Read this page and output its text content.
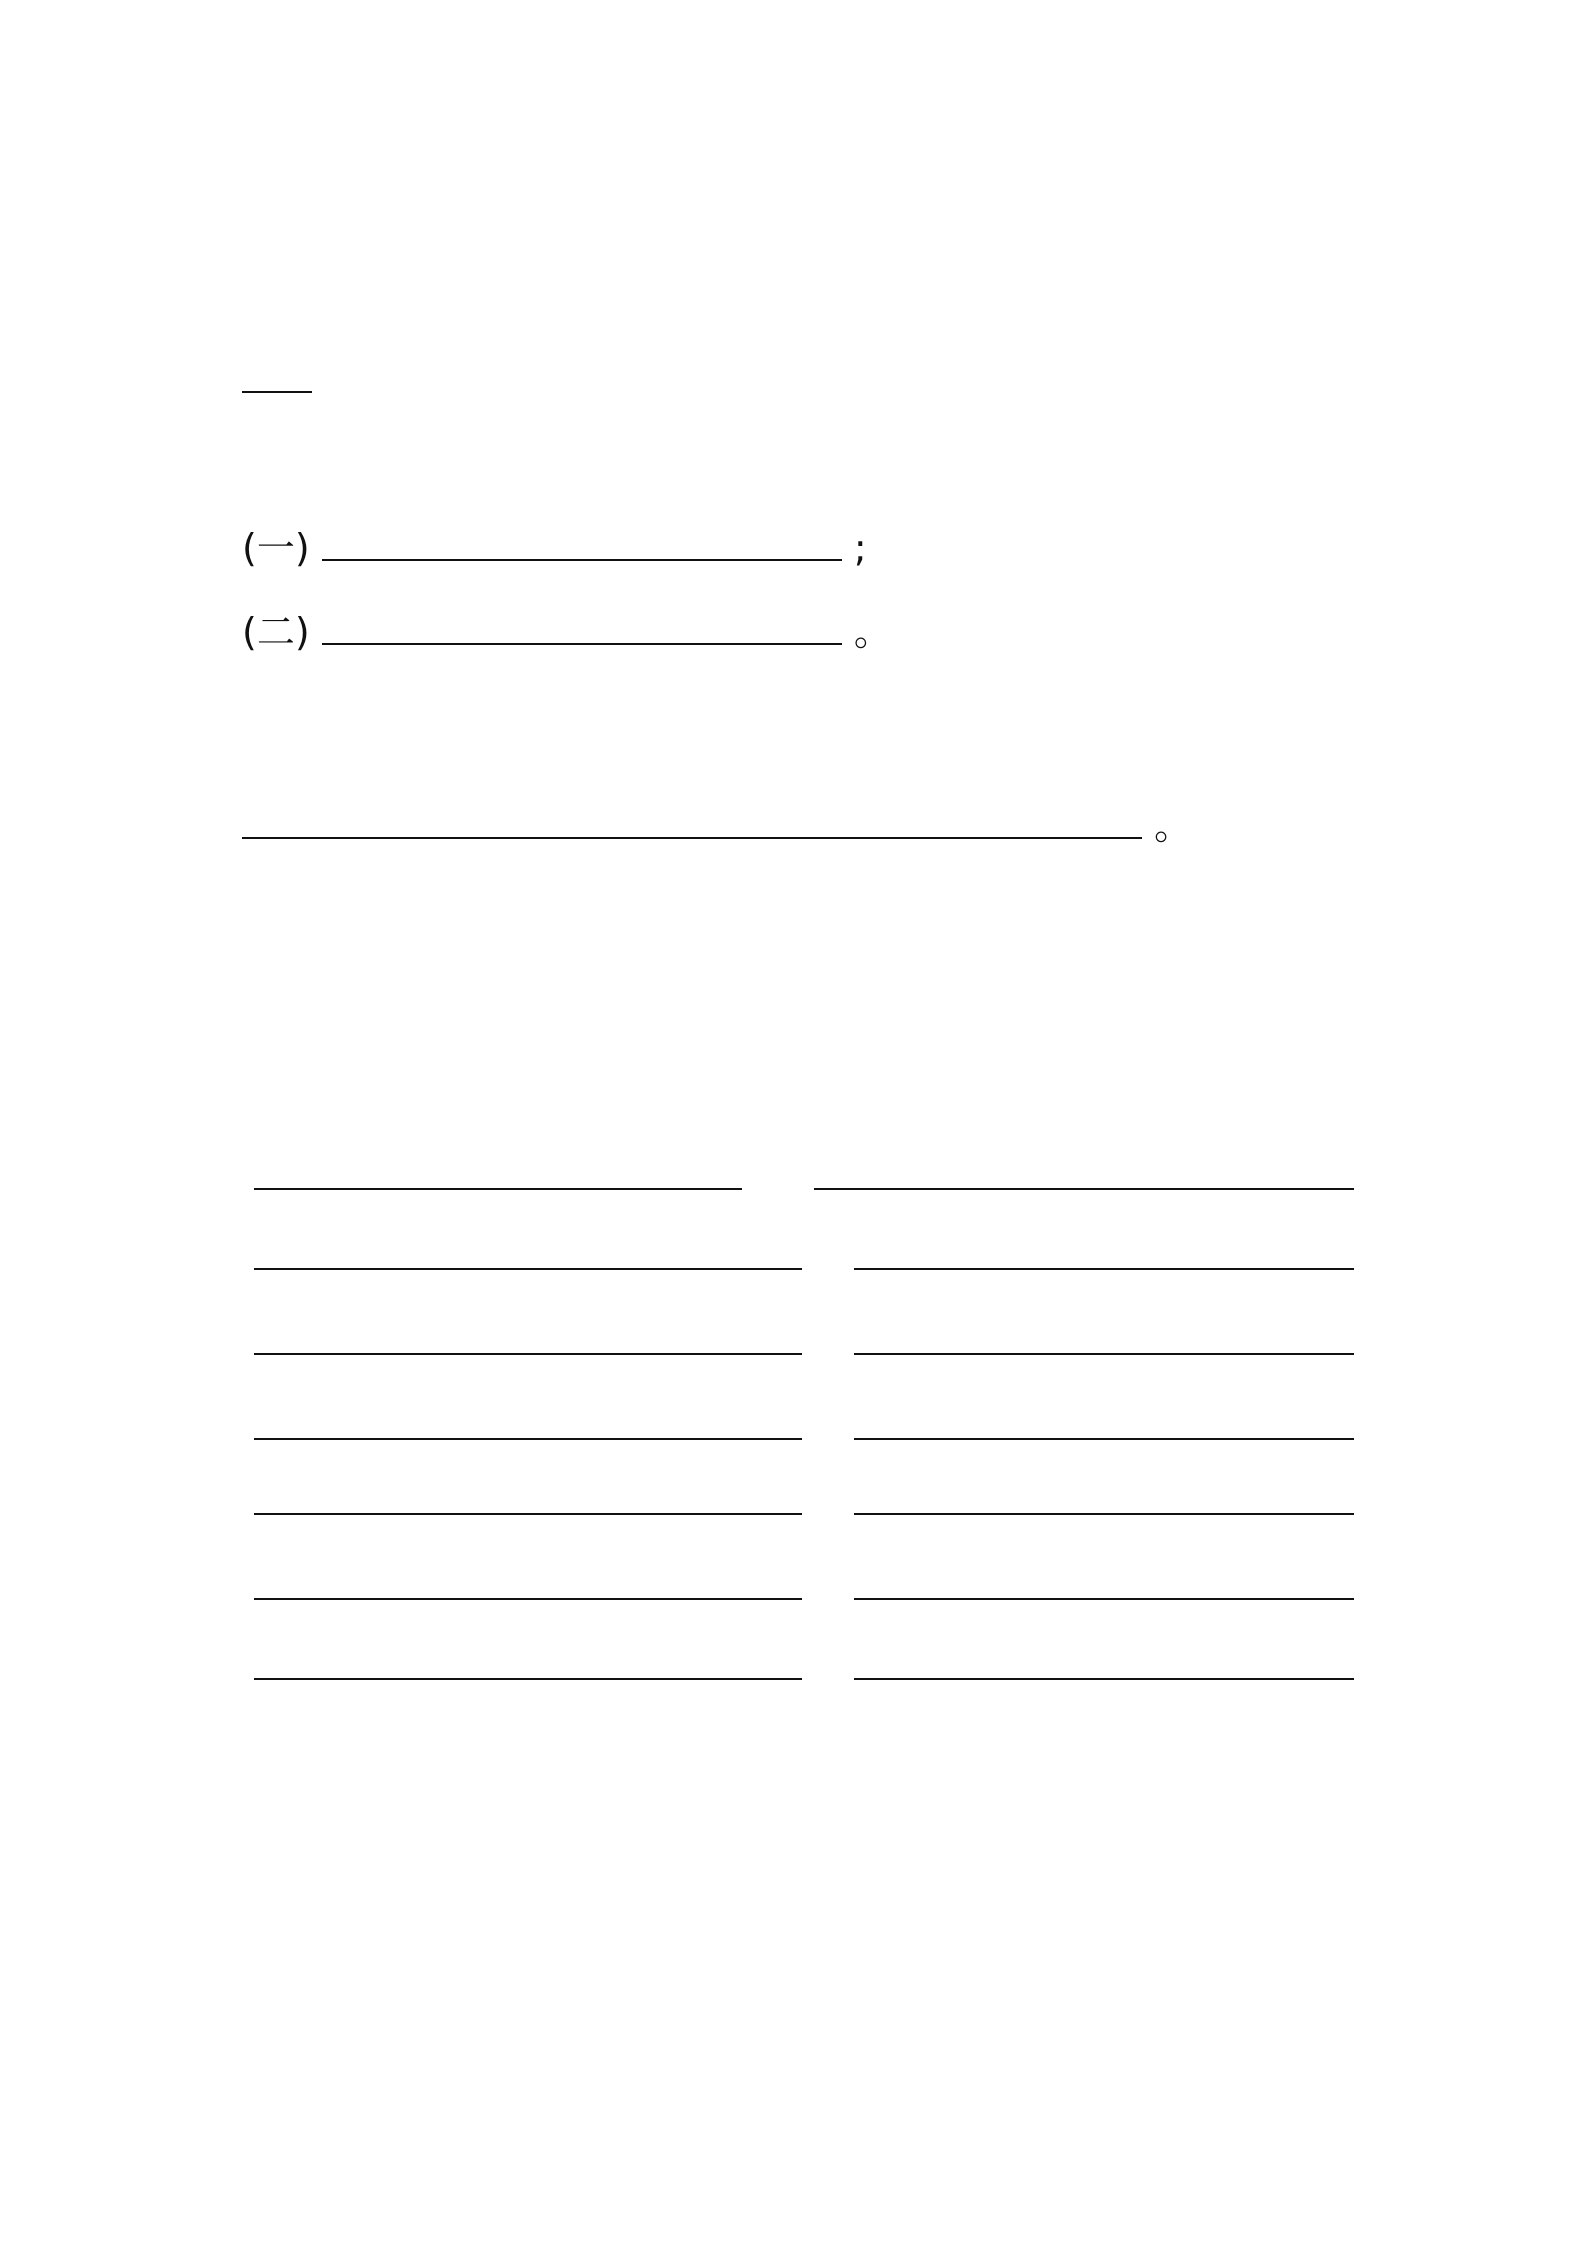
(一)	;
(二)	。
。
